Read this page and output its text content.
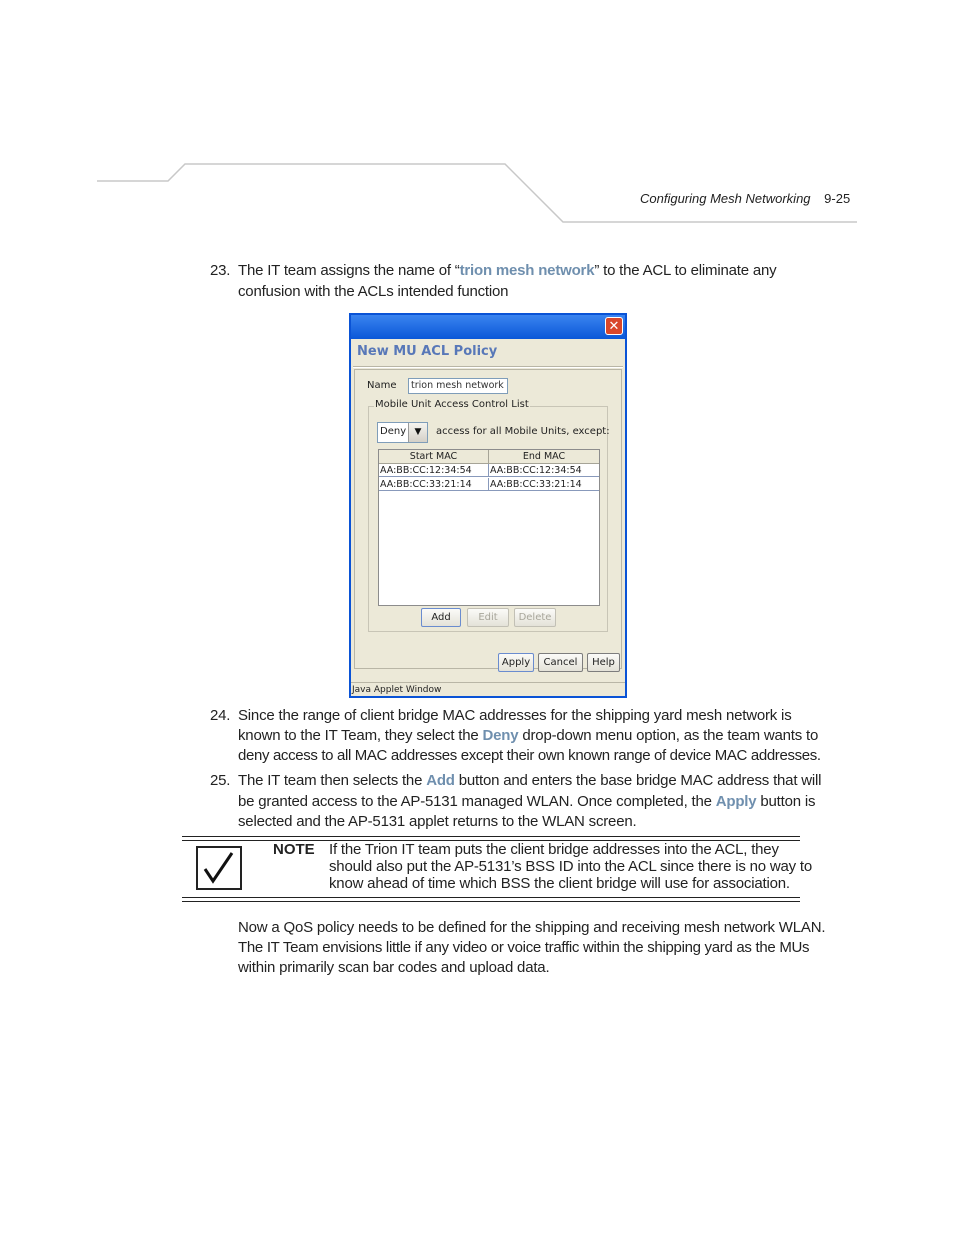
Configuring Mesh Networking 9-25
23. The IT team assigns the name of “trion mesh network” to the ACL to eliminate any
confusion with the ACLs intended function
✕
New MU ACL Policy
Name	trion mesh network
Mobile Unit Access Control List
Deny ▼	access for all Mobile Units, except:
Start MAC	End MAC
AA:BB:CC:12:34:54	AA:BB:CC:12:34:54
AA:BB:CC:33:21:14	AA:BB:CC:33:21:14
Add	Edit	Delete
Apply	Cancel	Help
Java Applet Window
24. Since the range of client bridge MAC addresses for the shipping yard mesh network is
known to the IT Team, they select the Deny drop-down menu option, as the team wants to
deny access to all MAC addresses except their own known range of device MAC addresses.
25. The IT team then selects the Add button and enters the base bridge MAC address that will
be granted access to the AP-5131 managed WLAN. Once completed, the Apply button is
selected and the AP-5131 applet returns to the WLAN screen.
NOTE If the Trion IT team puts the client bridge addresses into the ACL, they
should also put the AP-5131’s BSS ID into the ACL since there is no way to
know ahead of time which BSS the client bridge will use for association.
Now a QoS policy needs to be defined for the shipping and receiving mesh network WLAN.
The IT Team envisions little if any video or voice traffic within the shipping yard as the MUs
within primarily scan bar codes and upload data.
